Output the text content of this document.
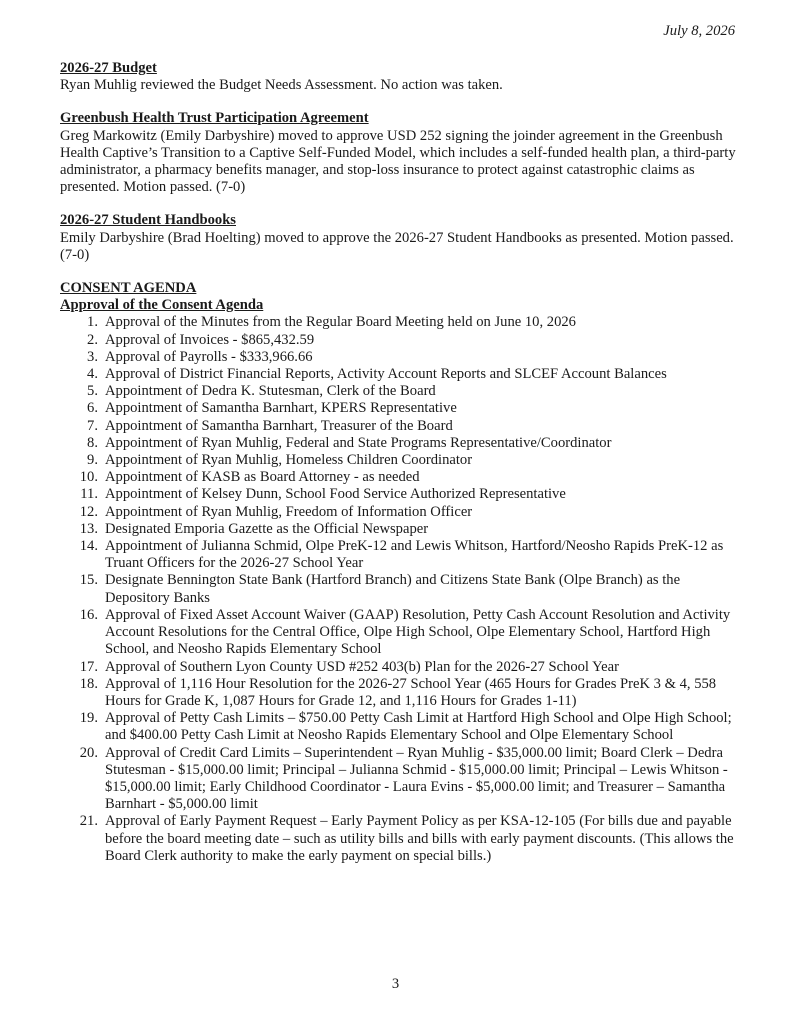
July 8, 2026
2026-27 Budget
Ryan Muhlig reviewed the Budget Needs Assessment. No action was taken.
Greenbush Health Trust Participation Agreement
Greg Markowitz (Emily Darbyshire) moved to approve USD 252 signing the joinder agreement in the Greenbush Health Captive’s Transition to a Captive Self-Funded Model, which includes a self-funded health plan, a third-party administrator, a pharmacy benefits manager, and stop-loss insurance to protect against catastrophic claims as presented. Motion passed. (7-0)
2026-27 Student Handbooks
Emily Darbyshire (Brad Hoelting) moved to approve the 2026-27 Student Handbooks as presented. Motion passed. (7-0)
CONSENT AGENDA
Approval of the Consent Agenda
1. Approval of the Minutes from the Regular Board Meeting held on June 10, 2026
2. Approval of Invoices - $865,432.59
3. Approval of Payrolls - $333,966.66
4. Approval of District Financial Reports, Activity Account Reports and SLCEF Account Balances
5. Appointment of Dedra K. Stutesman, Clerk of the Board
6. Appointment of Samantha Barnhart, KPERS Representative
7. Appointment of Samantha Barnhart, Treasurer of the Board
8. Appointment of Ryan Muhlig, Federal and State Programs Representative/Coordinator
9. Appointment of Ryan Muhlig, Homeless Children Coordinator
10. Appointment of KASB as Board Attorney - as needed
11. Appointment of Kelsey Dunn, School Food Service Authorized Representative
12. Appointment of Ryan Muhlig, Freedom of Information Officer
13. Designated Emporia Gazette as the Official Newspaper
14. Appointment of Julianna Schmid, Olpe PreK-12 and Lewis Whitson, Hartford/Neosho Rapids PreK-12 as Truant Officers for the 2026-27 School Year
15. Designate Bennington State Bank (Hartford Branch) and Citizens State Bank (Olpe Branch) as the Depository Banks
16. Approval of Fixed Asset Account Waiver (GAAP) Resolution, Petty Cash Account Resolution and Activity Account Resolutions for the Central Office, Olpe High School, Olpe Elementary School, Hartford High School, and Neosho Rapids Elementary School
17. Approval of Southern Lyon County USD #252 403(b) Plan for the 2026-27 School Year
18. Approval of 1,116 Hour Resolution for the 2026-27 School Year (465 Hours for Grades PreK 3 & 4, 558 Hours for Grade K, 1,087 Hours for Grade 12, and 1,116 Hours for Grades 1-11)
19. Approval of Petty Cash Limits – $750.00 Petty Cash Limit at Hartford High School and Olpe High School; and $400.00 Petty Cash Limit at Neosho Rapids Elementary School and Olpe Elementary School
20. Approval of Credit Card Limits – Superintendent – Ryan Muhlig - $35,000.00 limit; Board Clerk – Dedra Stutesman - $15,000.00 limit; Principal – Julianna Schmid - $15,000.00 limit; Principal – Lewis Whitson - $15,000.00 limit; Early Childhood Coordinator - Laura Evins - $5,000.00 limit; and Treasurer – Samantha Barnhart - $5,000.00 limit
21. Approval of Early Payment Request – Early Payment Policy as per KSA-12-105 (For bills due and payable before the board meeting date – such as utility bills and bills with early payment discounts. (This allows the Board Clerk authority to make the early payment on special bills.)
3
